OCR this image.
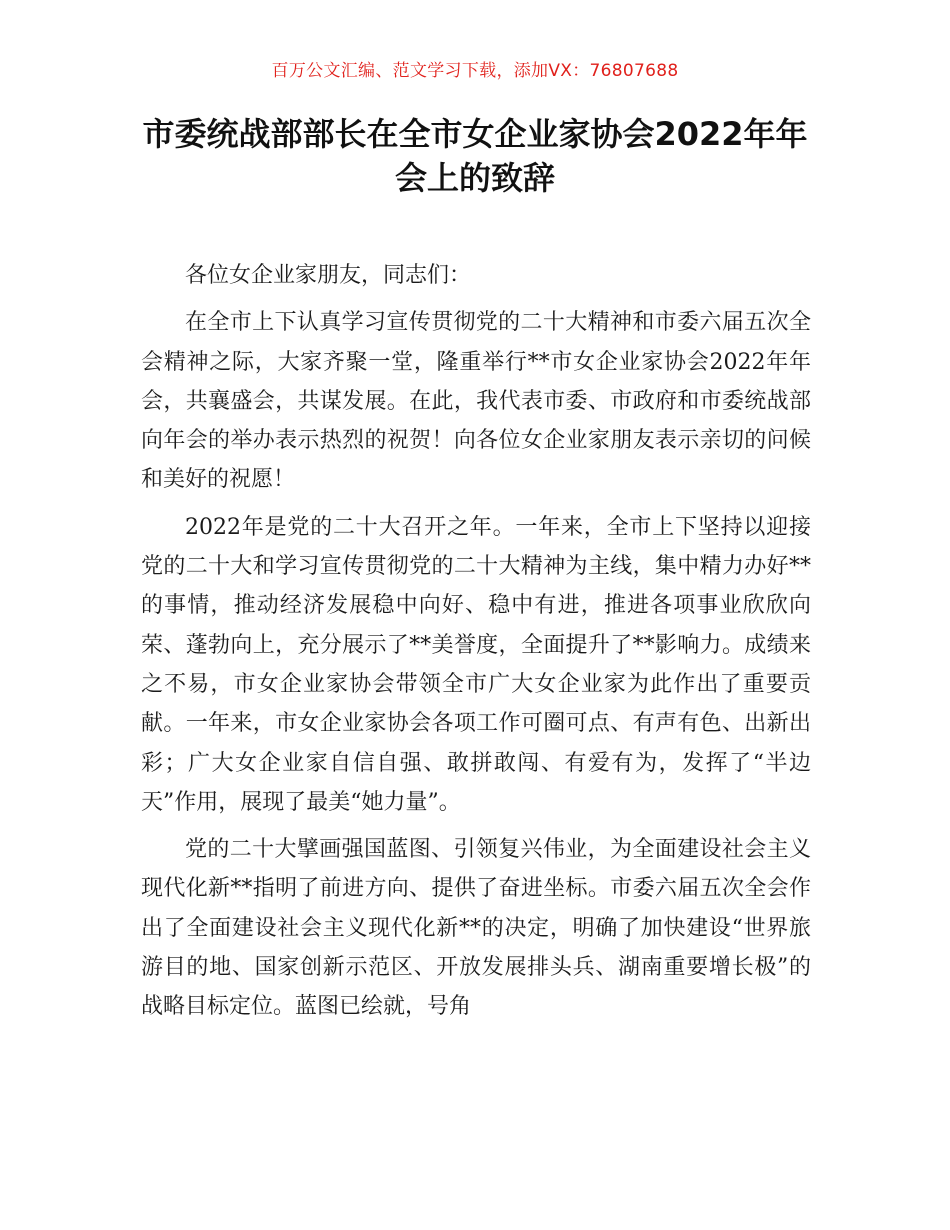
百万公文汇编、范文学习下载，添加VX：76807688
市委统战部部长在全市女企业家协会2022年年会上的致辞

各位女企业家朋友，同志们：

在全市上下认真学习宣传贯彻党的二十大精神和市委六届五次全会精神之际，大家齐聚一堂，隆重举行**市女企业家协会2022年年会，共襄盛会，共谋发展。在此，我代表市委、市政府和市委统战部向年会的举办表示热烈的祝贺！向各位女企业家朋友表示亲切的问候和美好的祝愿！

2022年是党的二十大召开之年。一年来，全市上下坚持以迎接党的二十大和学习宣传贯彻党的二十大精神为主线，集中精力办好**的事情，推动经济发展稳中向好、稳中有进，推进各项事业欣欣向荣、蓬勃向上，充分展示了**美誉度，全面提升了**影响力。成绩来之不易，市女企业家协会带领全市广大女企业家为此作出了重要贡献。一年来，市女企业家协会各项工作可圈可点、有声有色、出新出彩；广大女企业家自信自强、敢拼敢闯、有爱有为，发挥了“半边天”作用，展现了最美“她力量”。

党的二十大擘画强国蓝图、引领复兴伟业，为全面建设社会主义现代化新**指明了前进方向、提供了奋进坐标。市委六届五次全会作出了全面建设社会主义现代化新**的决定，明确了加快建设“世界旅游目的地、国家创新示范区、开放发展排头兵、湖南重要增长极”的战略目标定位。蓝图已绘就，号角
